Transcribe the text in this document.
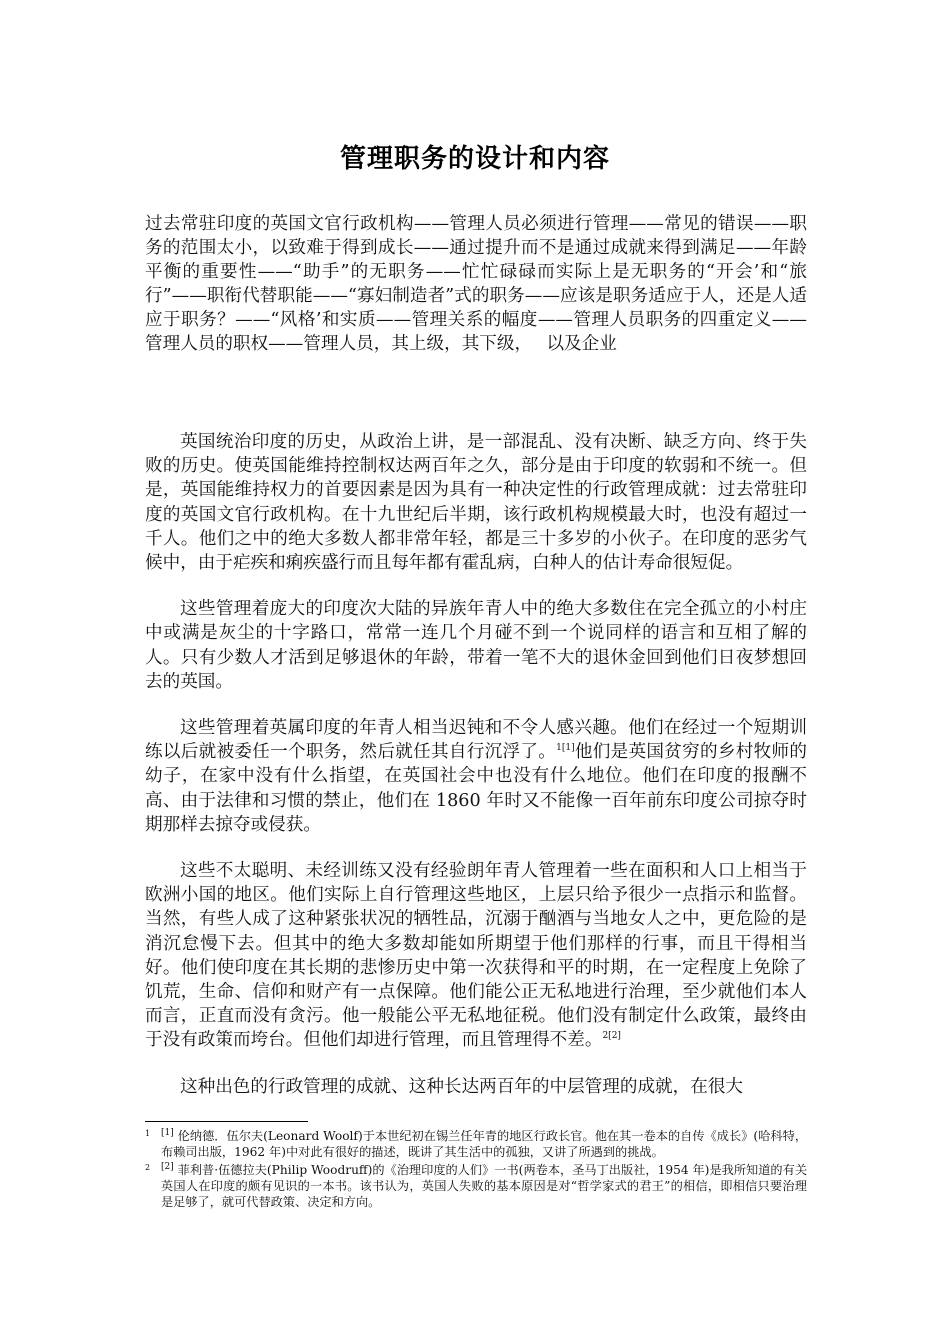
管理职务的设计和内容

过去常驻印度的英国文官行政机构——管理人员必须进行管理——常见的错误——职务的范围太小，以致难于得到成长——通过提升而不是通过成就来得到满足——年龄平衡的重要性——“助手”的无职务——忙忙碌碌而实际上是无职务的“开会’和“旅行”——职衔代替职能——“寡妇制造者”式的职务——应该是职务适应于人，还是人适应于职务？——“风格’和实质——管理关系的幅度——管理人员职务的四重定义——管理人员的职权——管理人员，其上级，其下级，　 以及企业

英国统治印度的历史，从政治上讲，是一部混乱、没有决断、缺乏方向、终于失败的历史。使英国能维持控制权达两百年之久，部分是由于印度的软弱和不统一。但是，英国能维持权力的首要因素是因为具有一种决定性的行政管理成就：过去常驻印度的英国文官行政机构。在十九世纪后半期，该行政机构规模最大时，也没有超过一千人。他们之中的绝大多数人都非常年轻，都是三十多岁的小伙子。在印度的恶劣气候中，由于疟疾和痢疾盛行而且每年都有霍乱病，白种人的估计寿命很短促。

这些管理着庞大的印度次大陆的异族年青人中的绝大多数住在完全孤立的小村庄中或满是灰尘的十字路口，常常一连几个月碰不到一个说同样的语言和互相了解的人。只有少数人才活到足够退休的年龄，带着一笔不大的退休金回到他们日夜梦想回去的英国。

这些管理着英属印度的年青人相当迟钝和不令人感兴趣。他们在经过一个短期训练以后就被委任一个职务，然后就任其自行沉浮了。$^{1[1]}$他们是英国贫穷的乡村牧师的幼子，在家中没有什么指望，在英国社会中也没有什么地位。他们在印度的报酬不高、由于法律和习惯的禁止，他们在 1860 年时又不能像一百年前东印度公司掠夺时期那样去掠夺或侵获。

这些不太聪明、未经训练又没有经验朗年青人管理着一些在面积和人口上相当于欧洲小国的地区。他们实际上自行管理这些地区，上层只给予很少一点指示和监督。当然，有些人成了这种紧张状况的牺牲品，沉溺于酗酒与当地女人之中，更危险的是消沉怠慢下去。但其中的绝大多数却能如所期望于他们那样的行事，而且干得相当好。他们使印度在其长期的悲惨历史中第一次获得和平的时期，在一定程度上免除了饥荒，生命、信仰和财产有一点保障。他们能公正无私地进行治理，至少就他们本人而言，正直而没有贪污。他一般能公平无私地征税。他们没有制定什么政策，最终由于没有政策而垮台。但他们却进行管理，而且管理得不差。$^{2[2]}$

这种出色的行政管理的成就、这种长达两百年的中层管理的成就，在很大

1 [1] 伦纳德．伍尔夫(Leonard Woolf)于本世纪初在锡兰任年青的地区行政长官。他在其一卷本的自传《成长》(哈科特，布赖司出版，1962 年)中对此有很好的描述，既讲了其生活中的孤独，又讲了所遇到的挑战。
2 [2] 菲利普·伍德拉夫(Philip Woodruff)的《治理印度的人们》一书(两卷本，圣马丁出版社，1954 年)是我所知道的有关英国人在印度的颇有见识的一本书。该书认为，英国人失败的基本原因是对“哲学家式的君王”的相信，即相信只要治理是足够了，就可代替政策、决定和方向。
